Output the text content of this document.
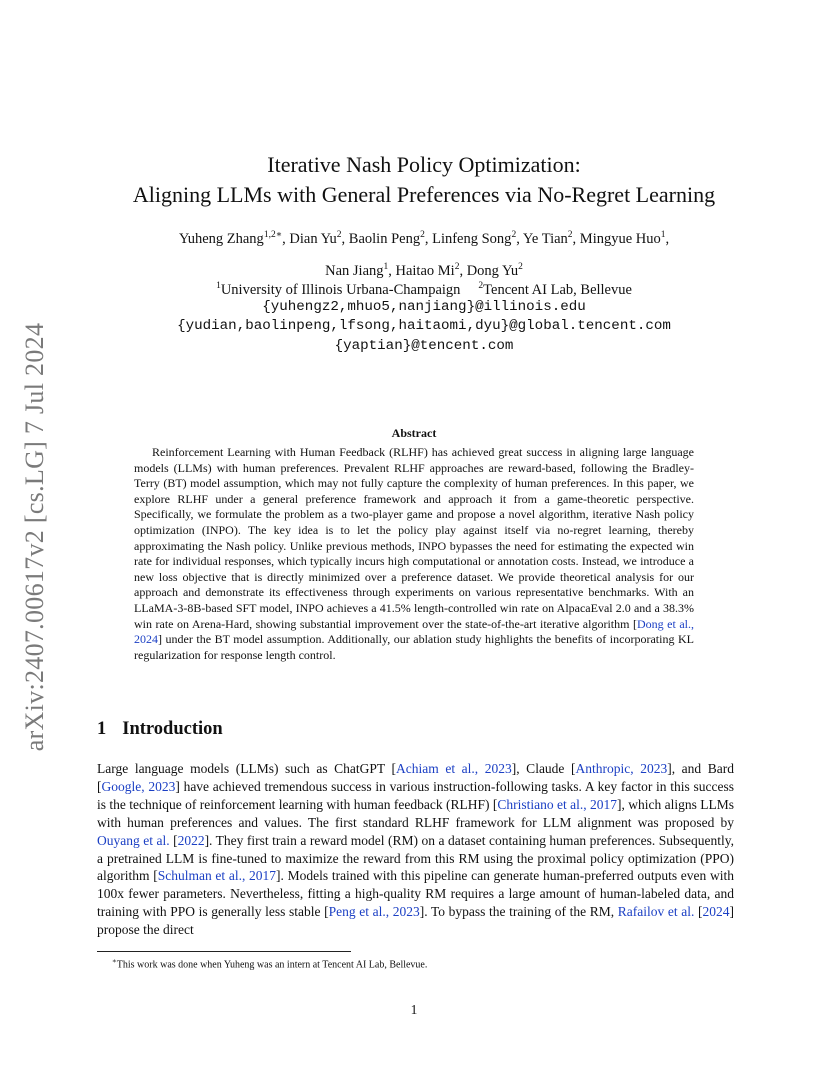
arXiv:2407.00617v2 [cs.LG] 7 Jul 2024
Iterative Nash Policy Optimization:
Aligning LLMs with General Preferences via No-Regret Learning
Yuheng Zhang$^{1,2∗}$, Dian Yu$^2$, Baolin Peng$^2$, Linfeng Song$^2$, Ye Tian$^2$, Mingyue Huo$^1$,
Nan Jiang$^1$, Haitao Mi$^2$, Dong Yu$^2$
$^1$University of Illinois Urbana-Champaign $^2$Tencent AI Lab, Bellevue
{yuhengz2,mhuo5,nanjiang}@illinois.edu
{yudian,baolinpeng,lfsong,haitaomi,dyu}@global.tencent.com
{yaptian}@tencent.com
Abstract

Reinforcement Learning with Human Feedback (RLHF) has achieved great success in aligning large language models (LLMs) with human preferences. Prevalent RLHF approaches are reward-based, following the Bradley-Terry (BT) model assumption, which may not fully capture the complexity of human preferences. In this paper, we explore RLHF under a general preference framework and approach it from a game-theoretic perspective. Specifically, we formulate the problem as a two-player game and propose a novel algorithm, iterative Nash policy optimization (INPO). The key idea is to let the policy play against itself via no-regret learning, thereby approximating the Nash policy. Unlike previous methods, INPO bypasses the need for estimating the expected win rate for individual responses, which typically incurs high computational or annotation costs. Instead, we introduce a new loss objective that is directly minimized over a preference dataset. We provide theoretical analysis for our approach and demonstrate its effectiveness through experiments on various representative benchmarks. With an LLaMA-3-8B-based SFT model, INPO achieves a 41.5% length-controlled win rate on AlpacaEval 2.0 and a 38.3% win rate on Arena-Hard, showing substantial improvement over the state-of-the-art iterative algorithm [Dong et al., 2024] under the BT model assumption. Additionally, our ablation study highlights the benefits of incorporating KL regularization for response length control.

1 Introduction

Large language models (LLMs) such as ChatGPT [Achiam et al., 2023], Claude [Anthropic, 2023], and Bard [Google, 2023] have achieved tremendous success in various instruction-following tasks. A key factor in this success is the technique of reinforcement learning with human feedback (RLHF) [Christiano et al., 2017], which aligns LLMs with human preferences and values. The first standard RLHF framework for LLM alignment was proposed by Ouyang et al. [2022]. They first train a reward model (RM) on a dataset containing human preferences. Subsequently, a pretrained LLM is fine-tuned to maximize the reward from this RM using the proximal policy optimization (PPO) algorithm [Schulman et al., 2017]. Models trained with this pipeline can generate human-preferred outputs even with 100x fewer parameters. Nevertheless, fitting a high-quality RM requires a large amount of human-labeled data, and training with PPO is generally less stable [Peng et al., 2023]. To bypass the training of the RM, Rafailov et al. [2024] propose the direct

∗This work was done when Yuheng was an intern at Tencent AI Lab, Bellevue.
1
